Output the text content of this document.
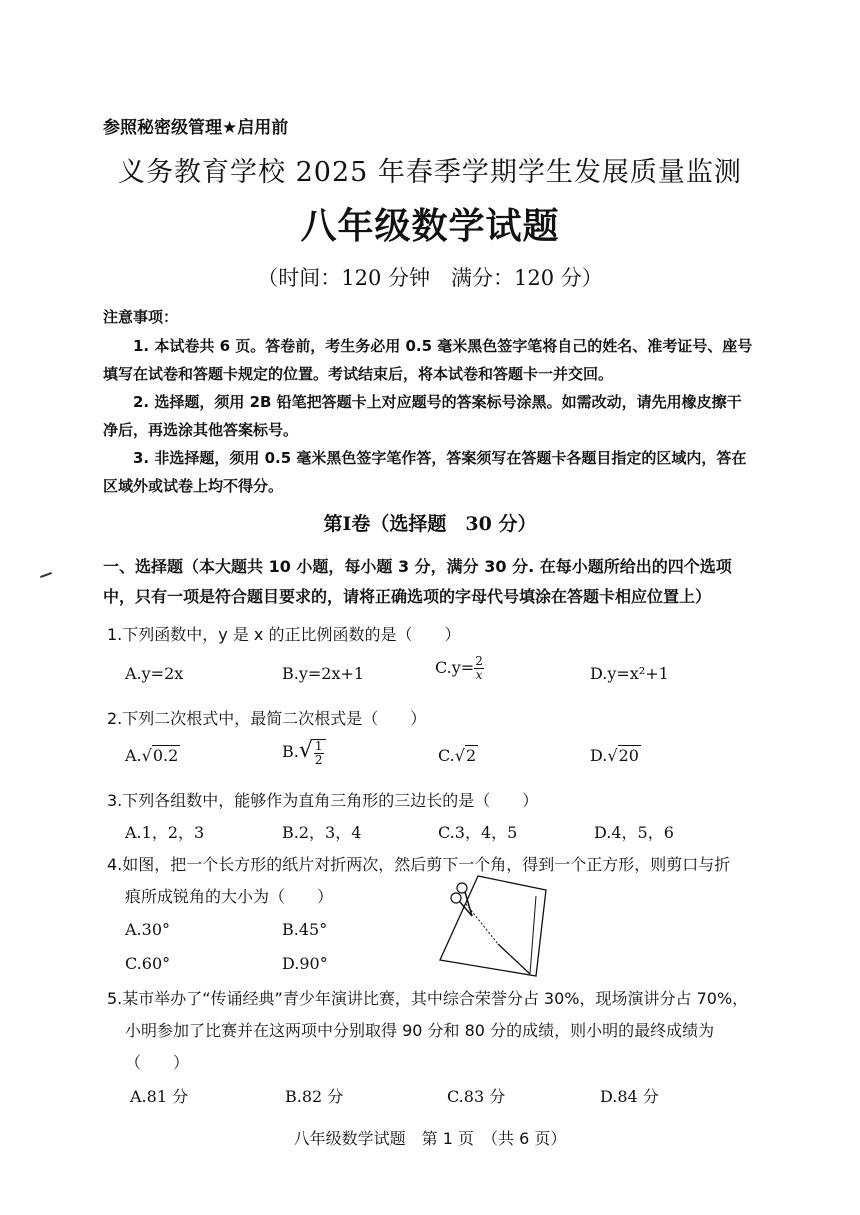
参照秘密级管理★启用前
义务教育学校 2025 年春季学期学生发展质量监测
八年级数学试题
（时间：120 分钟　满分：120 分）
注意事项：
1. 本试卷共 6 页。答卷前，考生务必用 0.5 毫米黑色签字笔将自己的姓名、准考证号、座号填写在试卷和答题卡规定的位置。考试结束后，将本试卷和答题卡一并交回。
2. 选择题，须用 2B 铅笔把答题卡上对应题号的答案标号涂黑。如需改动，请先用橡皮擦干净后，再选涂其他答案标号。
3. 非选择题，须用 0.5 毫米黑色签字笔作答，答案须写在答题卡各题目指定的区域内，答在区域外或试卷上均不得分。
第Ⅰ卷（选择题　30 分）
一、选择题（本大题共 10 小题，每小题 3 分，满分 30 分. 在每小题所给出的四个选项中，只有一项是符合题目要求的，请将正确选项的字母代号填涂在答题卡相应位置上）
1.下列函数中，y 是 x 的正比例函数的是（　　）
A.y=2x	B.y=2x+1	$C.y= \frac{2}{x}$	D.y=x²+1
2.下列二次根式中，最简二次根式是（　　）
A.√0.2	$B.√ \frac{1}{2}$	C.√2	D.√20
3.下列各组数中，能够作为直角三角形的三边长的是（　　）
A.1，2，3	B.2，3，4	C.3，4，5	D.4，5，6
4.如图，把一个长方形的纸片对折两次，然后剪下一个角，得到一个正方形，则剪口与折
痕所成锐角的大小为（　　）
A.30°	B.45°
C.60°	D.90°
5.某市举办了“传诵经典”青少年演讲比赛，其中综合荣誉分占 30%，现场演讲分占 70%，
小明参加了比赛并在这两项中分别取得 90 分和 80 分的成绩，则小明的最终成绩为
（　　）
A.81 分	B.82 分	C.83 分	D.84 分
八年级数学试题　第 1 页　（共 6 页）
